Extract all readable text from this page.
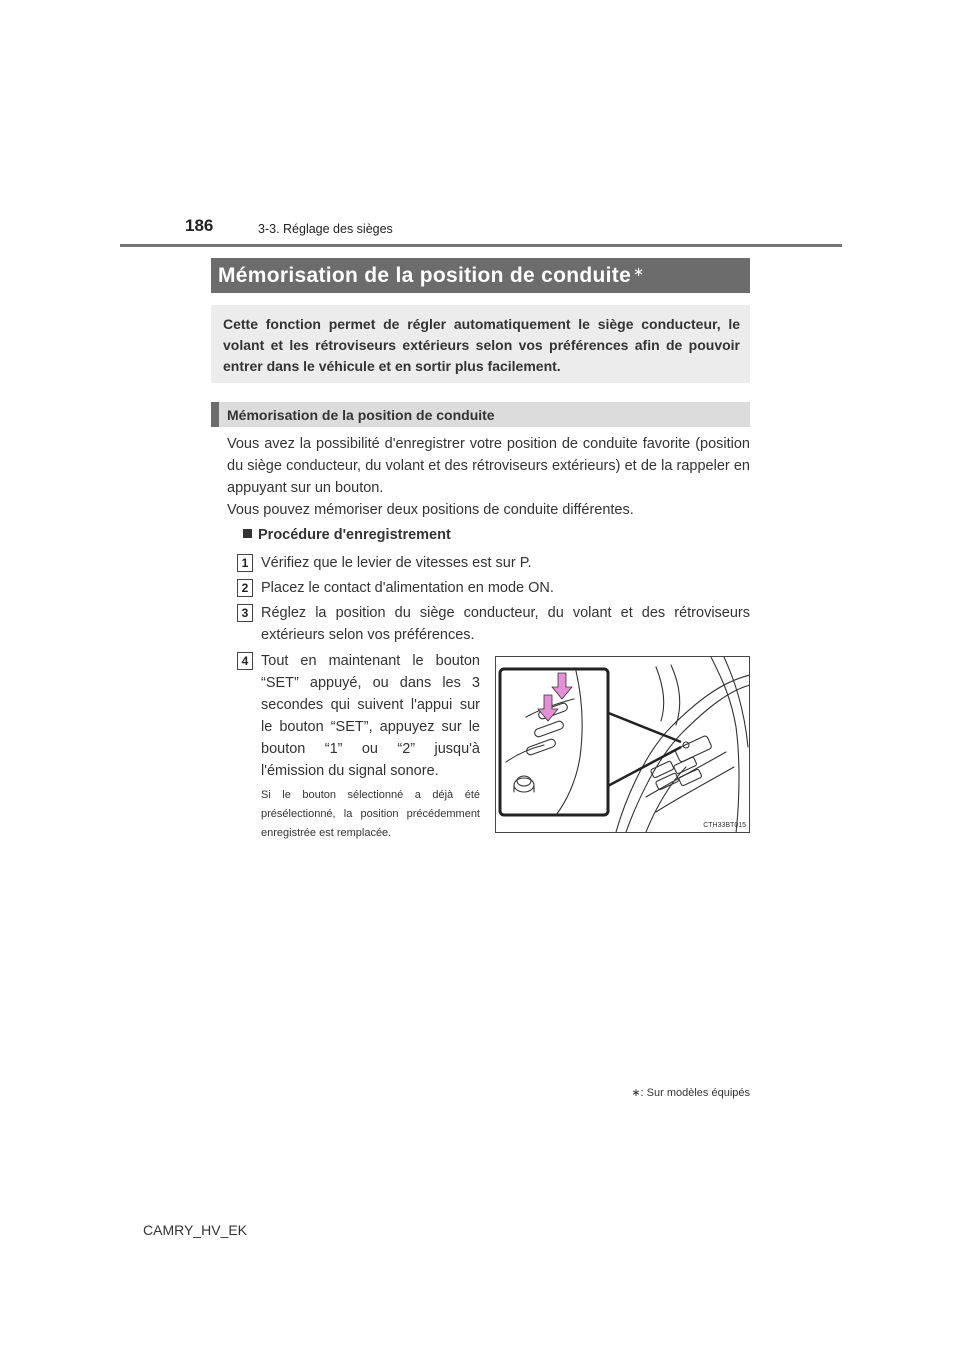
186	3-3. Réglage des sièges
Mémorisation de la position de conduite ∗
Cette fonction permet de régler automatiquement le siège conducteur, le volant et les rétroviseurs extérieurs selon vos préférences afin de pouvoir entrer dans le véhicule et en sortir plus facilement.
Mémorisation de la position de conduite
Vous avez la possibilité d'enregistrer votre position de conduite favorite (position du siège conducteur, du volant et des rétroviseurs extérieurs) et de la rappeler en appuyant sur un bouton.
Vous pouvez mémoriser deux positions de conduite différentes.
Procédure d'enregistrement
1 Vérifiez que le levier de vitesses est sur P.
2 Placez le contact d'alimentation en mode ON.
3 Réglez la position du siège conducteur, du volant et des rétroviseurs extérieurs selon vos préférences.
4 Tout en maintenant le bouton “SET” appuyé, ou dans les 3 secondes qui suivent l'appui sur le bouton “SET”, appuyez sur le bouton “1” ou “2” jusqu'à l'émission du signal sonore.
Si le bouton sélectionné a déjà été présélectionné, la position précédemment enregistrée est remplacée.
CTH33BT015
∗: Sur modèles équipés
CAMRY_HV_EK
